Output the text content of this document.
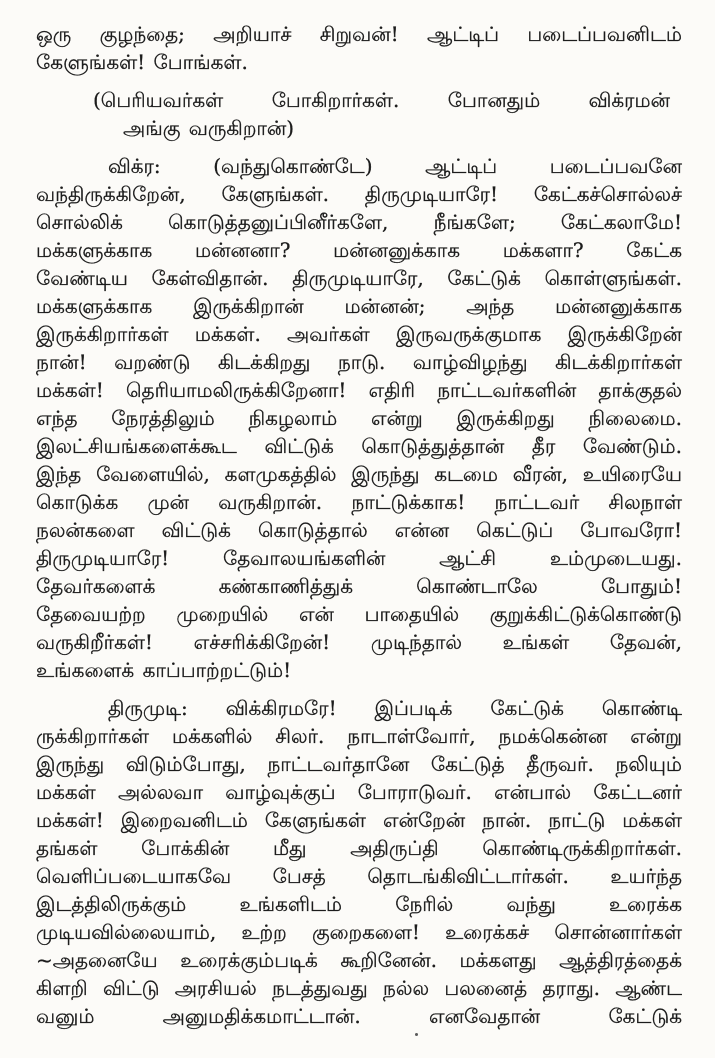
ஒரு குழந்தை; அறியாச் சிறுவன்! ஆட்டிப் படைப்பவனிடம்
கேளுங்கள்! போங்கள்.
(பெரியவர்கள் போகிறார்கள். போனதும் விக்ரமன்
அங்கு வருகிறான்)
விக்ர: (வந்துகொண்டே) ஆட்டிப் படைப்பவனே
வந்திருக்கிறேன், கேளுங்கள். திருமுடியாரே! கேட்கச்சொல்லச்
சொல்லிக் கொடுத்தனுப்பினீர்களே, நீங்களே; கேட்கலாமே!
மக்களுக்காக மன்னனா? மன்னனுக்காக மக்களா? கேட்க
வேண்டிய கேள்விதான். திருமுடியாரே, கேட்டுக் கொள்ளுங்கள்.
மக்களுக்காக இருக்கிறான் மன்னன்; அந்த மன்னனுக்காக
இருக்கிறார்கள் மக்கள். அவர்கள் இருவருக்குமாக இருக்கிறேன்
நான்! வறண்டு கிடக்கிறது நாடு. வாழ்விழந்து கிடக்கிறார்கள்
மக்கள்! தெரியாமலிருக்கிறேனா! எதிரி நாட்டவர்களின் தாக்குதல்
எந்த நேரத்திலும் நிகழலாம் என்று இருக்கிறது நிலைமை.
இலட்சியங்களைக்கூட விட்டுக் கொடுத்துத்தான் தீர வேண்டும்.
இந்த வேளையில், களமுகத்தில் இருந்து கடமை வீரன், உயிரையே
கொடுக்க முன் வருகிறான். நாட்டுக்காக! நாட்டவர் சிலநாள்
நலன்களை விட்டுக் கொடுத்தால் என்ன கெட்டுப் போவரோ!
திருமுடியாரே! தேவாலயங்களின் ஆட்சி உம்முடையது.
தேவர்களைக் கண்காணித்துக் கொண்டாலே போதும்!
தேவையற்ற முறையில் என் பாதையில் குறுக்கிட்டுக்கொண்டு
வருகிறீர்கள்! எச்சரிக்கிறேன்! முடிந்தால் உங்கள் தேவன்,
உங்களைக் காப்பாற்றட்டும்!
திருமுடி: விக்கிரமரே! இப்படிக் கேட்டுக் கொண்டி
ருக்கிறார்கள் மக்களில் சிலர். நாடாள்வோர், நமக்கென்ன என்று
இருந்து விடும்போது, நாட்டவர்தானே கேட்டுத் தீருவர். நலியும்
மக்கள் அல்லவா வாழ்வுக்குப் போராடுவர். என்பால் கேட்டனர்
மக்கள்! இறைவனிடம் கேளுங்கள் என்றேன் நான். நாட்டு மக்கள்
தங்கள் போக்கின் மீது அதிருப்தி கொண்டிருக்கிறார்கள்.
வெளிப்படையாகவே பேசத் தொடங்கிவிட்டார்கள். உயர்ந்த
இடத்திலிருக்கும் உங்களிடம் நேரில் வந்து உரைக்க
முடியவில்லையாம், உற்ற குறைகளை! உரைக்கச் சொன்னார்கள்
~அதனையே உரைக்கும்படிக் கூறினேன். மக்களது ஆத்திரத்தைக்
கிளறி விட்டு அரசியல் நடத்துவது நல்ல பலனைத் தராது. ஆண்ட
வனும் அனுமதிக்கமாட்டான். எனவேதான் கேட்டுக்
